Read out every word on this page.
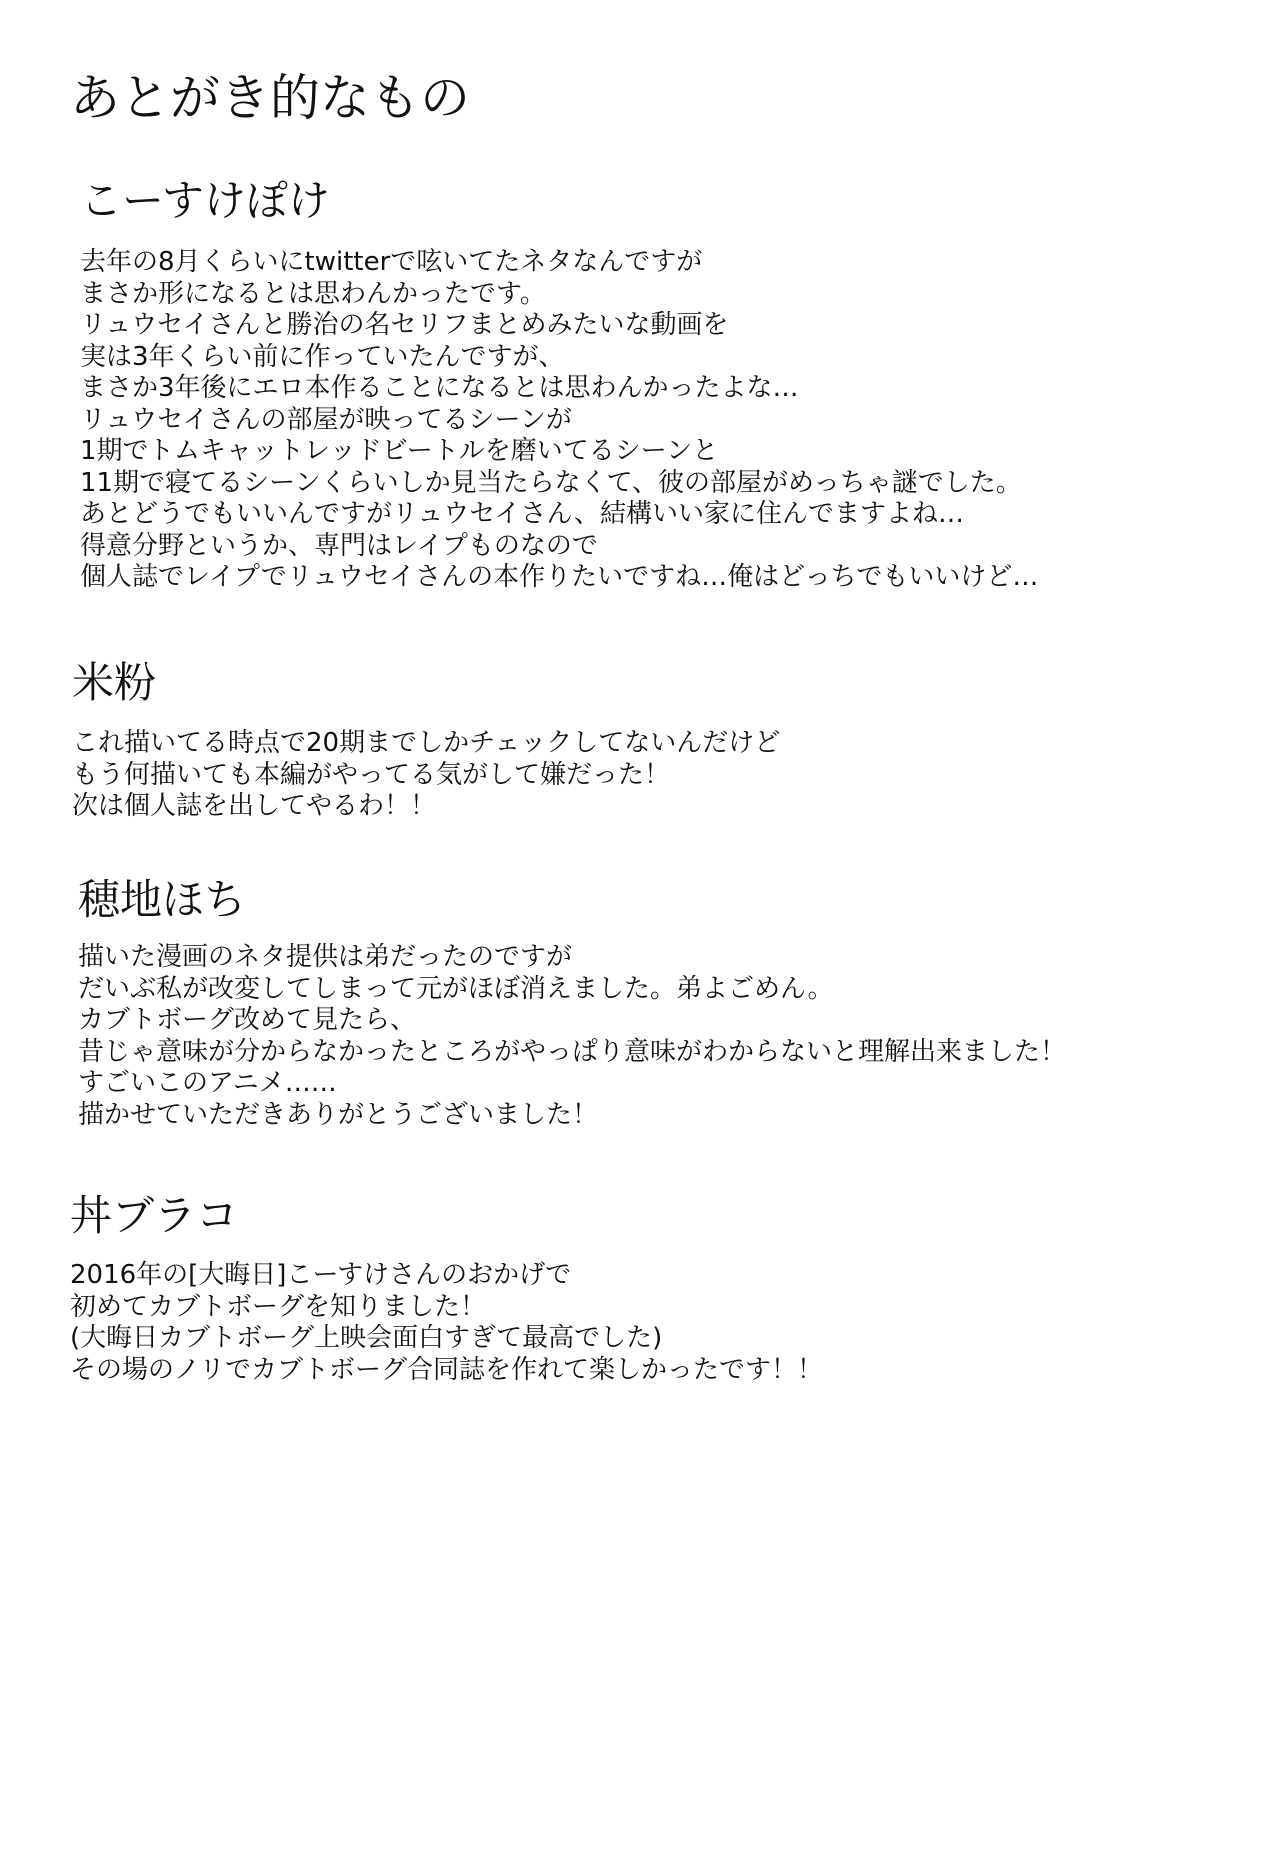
あとがき的なもの
こーすけぽけ
去年の8月くらいにtwitterで呟いてたネタなんですが
まさか形になるとは思わんかったです。
リュウセイさんと勝治の名セリフまとめみたいな動画を
実は3年くらい前に作っていたんですが、
まさか3年後にエロ本作ることになるとは思わんかったよな…
リュウセイさんの部屋が映ってるシーンが
1期でトムキャットレッドビートルを磨いてるシーンと
11期で寝てるシーンくらいしか見当たらなくて、彼の部屋がめっちゃ謎でした。
あとどうでもいいんですがリュウセイさん、結構いい家に住んでますよね…
得意分野というか、専門はレイプものなので
個人誌でレイプでリュウセイさんの本作りたいですね…俺はどっちでもいいけど…
米粉
これ描いてる時点で20期までしかチェックしてないんだけど
もう何描いても本編がやってる気がして嫌だった！
次は個人誌を出してやるわ！！
穂地ほち
描いた漫画のネタ提供は弟だったのですが
だいぶ私が改変してしまって元がほぼ消えました。弟よごめん。
カブトボーグ改めて見たら、
昔じゃ意味が分からなかったところがやっぱり意味がわからないと理解出来ました！
すごいこのアニメ……
描かせていただきありがとうございました！
丼ブラコ
2016年の[大晦日]こーすけさんのおかげで
初めてカブトボーグを知りました！
(大晦日カブトボーグ上映会面白すぎて最高でした)
その場のノリでカブトボーグ合同誌を作れて楽しかったです！！
